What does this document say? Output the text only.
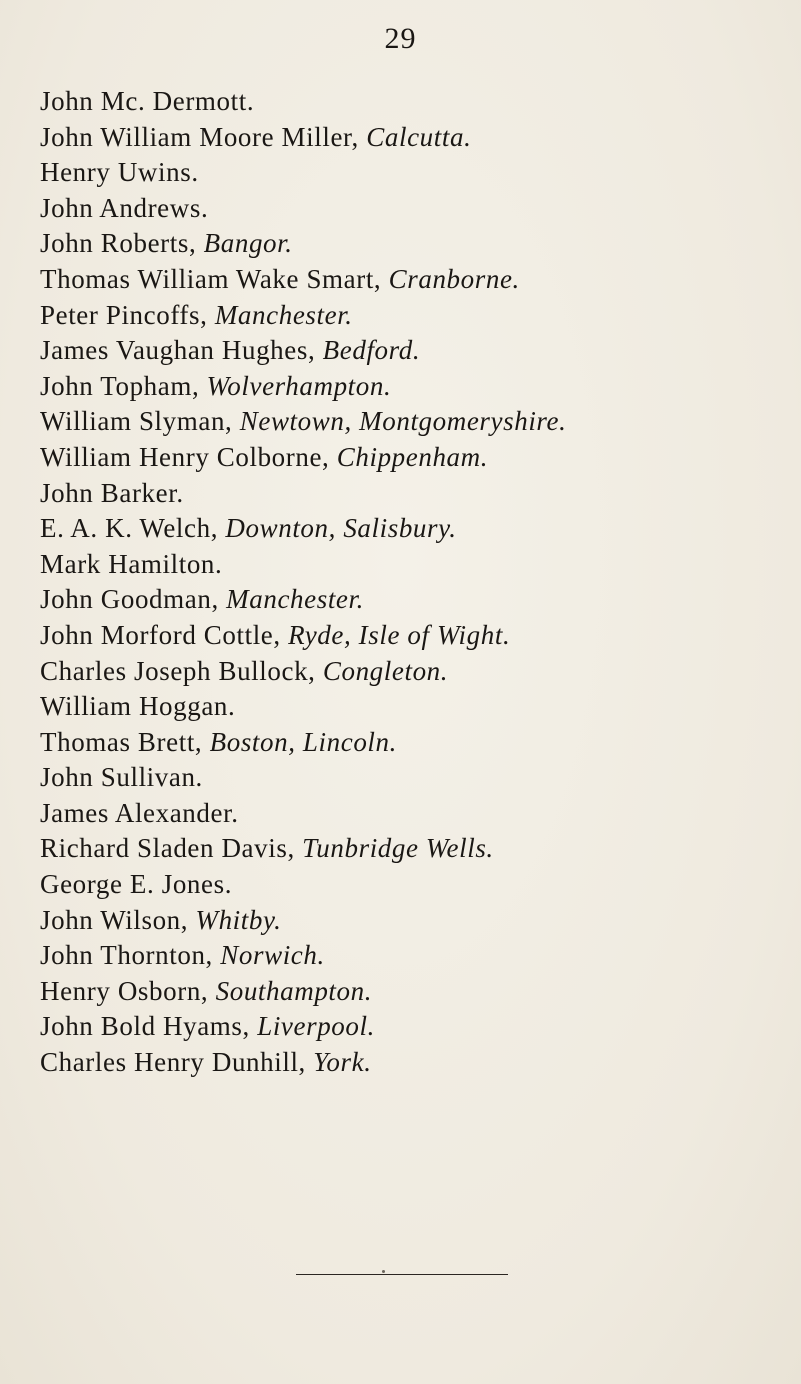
29
John Mc. Dermott.
John William Moore Miller, Calcutta.
Henry Uwins.
John Andrews.
John Roberts, Bangor.
Thomas William Wake Smart, Cranborne.
Peter Pincoffs, Manchester.
James Vaughan Hughes, Bedford.
John Topham, Wolverhampton.
William Slyman, Newtown, Montgomeryshire.
William Henry Colborne, Chippenham.
John Barker.
E. A. K. Welch, Downton, Salisbury.
Mark Hamilton.
John Goodman, Manchester.
John Morford Cottle, Ryde, Isle of Wight.
Charles Joseph Bullock, Congleton.
William Hoggan.
Thomas Brett, Boston, Lincoln.
John Sullivan.
James Alexander.
Richard Sladen Davis, Tunbridge Wells.
George E. Jones.
John Wilson, Whitby.
John Thornton, Norwich.
Henry Osborn, Southampton.
John Bold Hyams, Liverpool.
Charles Henry Dunhill, York.
